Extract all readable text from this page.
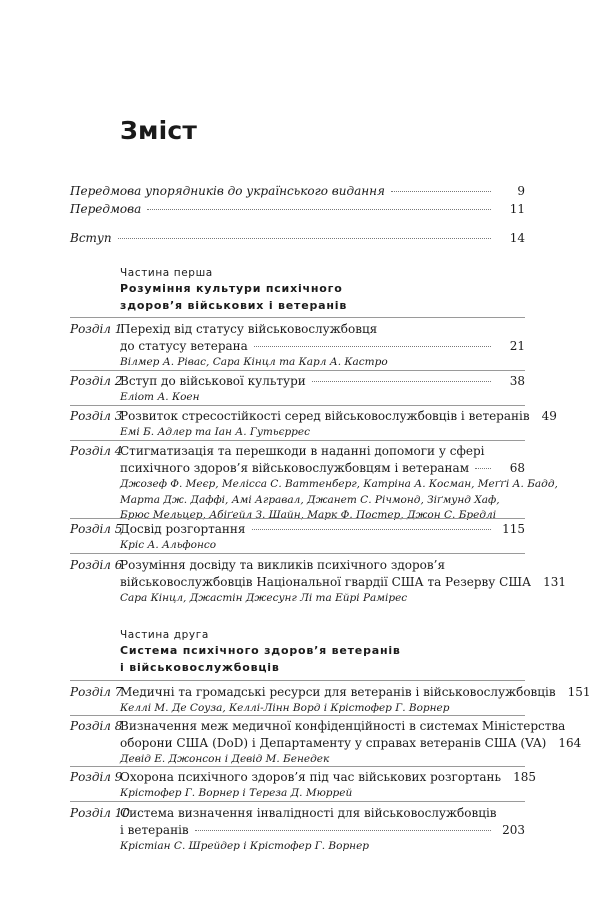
Зміст
Передмова упорядників до українського видання	9
Передмова	11
Вступ	14
Частина перша
Розуміння культури психічного
здоров’я військових і ветеранів
Розділ 1
Перехід від статусу військовослужбовця
до статусу ветерана	21
Вілмер А. Рівас, Сара Кінцл та Карл А. Кастро
Розділ 2
Вступ до військової культури	38
Еліот А. Коен
Розділ 3
Розвиток стресостійкості серед військовослужбовців і ветеранів 49
Емі Б. Адлер та Іан А. Гутьєррес
Розділ 4
Стигматизація та перешкоди в наданні допомоги у сфері
психічного здоров’я військовослужбовцям і ветеранам	68
Джозеф Ф. Меєр, Мелісса С. Ваттенберг, Катріна А. Косман, Меґґі А. Бадд,
Марта Дж. Даффі, Амі Агравал, Джанет С. Річмонд, Зіґмунд Хаф,
Брюс Мельцер, Абіґейл З. Шайн, Марк Ф. Постер, Джон С. Бредлі
Розділ 5
Досвід розгортання	115
Кріс А. Альфонсо
Розділ 6
Розуміння досвіду та викликів психічного здоров’я
військовослужбовців Національної гвардії США та Резерву США 131
Сара Кінцл, Джастін Джесунг Лі та Ейрі Рамірес
Частина друга
Система психічного здоров’я ветеранів
і військовослужбовців
Розділ 7
Медичні та громадські ресурси для ветеранів і військовослужбовців 151
Келлі М. Де Соуза, Келлі-Лінн Ворд і Крістофер Г. Ворнер
Розділ 8
Визначення меж медичної конфіденційності в системах Міністерства
оборони США (DoD) і Департаменту у справах ветеранів США (VA) 164
Девід Е. Джонсон і Девід М. Бенедек
Розділ 9
Охорона психічного здоров’я під час військових розгортань 185
Крістофер Г. Ворнер і Тереза Д. Мюррей
Розділ 10
Система визначення інвалідності для військовослужбовців
і ветеранів	203
Крістіан С. Шрейдер і Крістофер Г. Ворнер
